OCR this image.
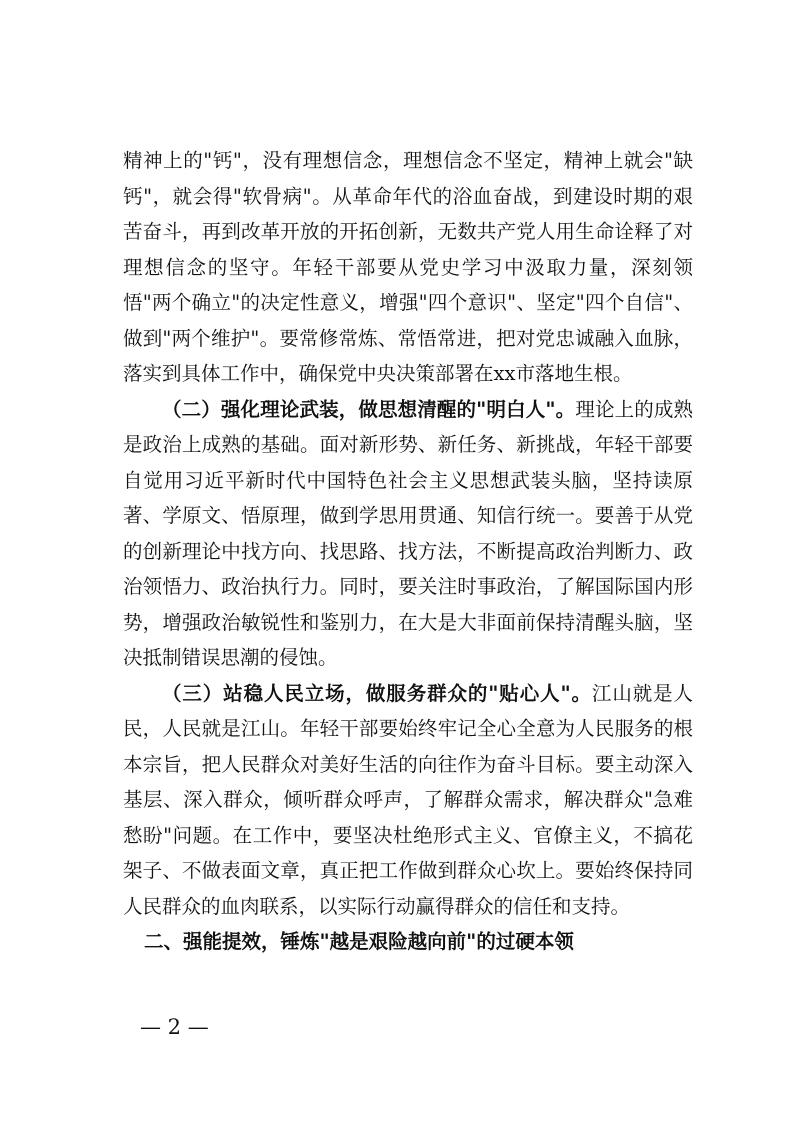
精神上的"钙"，没有理想信念，理想信念不坚定，精神上就会"缺钙"，就会得"软骨病"。从革命年代的浴血奋战，到建设时期的艰苦奋斗，再到改革开放的开拓创新，无数共产党人用生命诠释了对理想信念的坚守。年轻干部要从党史学习中汲取力量，深刻领悟"两个确立"的决定性意义，增强"四个意识"、坚定"四个自信"、做到"两个维护"。要常修常炼、常悟常进，把对党忠诚融入血脉，落实到具体工作中，确保党中央决策部署在xx市落地生根。

（二）强化理论武装，做思想清醒的"明白人"。理论上的成熟是政治上成熟的基础。面对新形势、新任务、新挑战，年轻干部要自觉用习近平新时代中国特色社会主义思想武装头脑，坚持读原著、学原文、悟原理，做到学思用贯通、知信行统一。要善于从党的创新理论中找方向、找思路、找方法，不断提高政治判断力、政治领悟力、政治执行力。同时，要关注时事政治，了解国际国内形势，增强政治敏锐性和鉴别力，在大是大非面前保持清醒头脑，坚决抵制错误思潮的侵蚀。

（三）站稳人民立场，做服务群众的"贴心人"。江山就是人民，人民就是江山。年轻干部要始终牢记全心全意为人民服务的根本宗旨，把人民群众对美好生活的向往作为奋斗目标。要主动深入基层、深入群众，倾听群众呼声，了解群众需求，解决群众"急难愁盼"问题。在工作中，要坚决杜绝形式主义、官僚主义，不搞花架子、不做表面文章，真正把工作做到群众心坎上。要始终保持同人民群众的血肉联系，以实际行动赢得群众的信任和支持。

二、强能提效，锤炼"越是艰险越向前"的过硬本领

— 2 —
